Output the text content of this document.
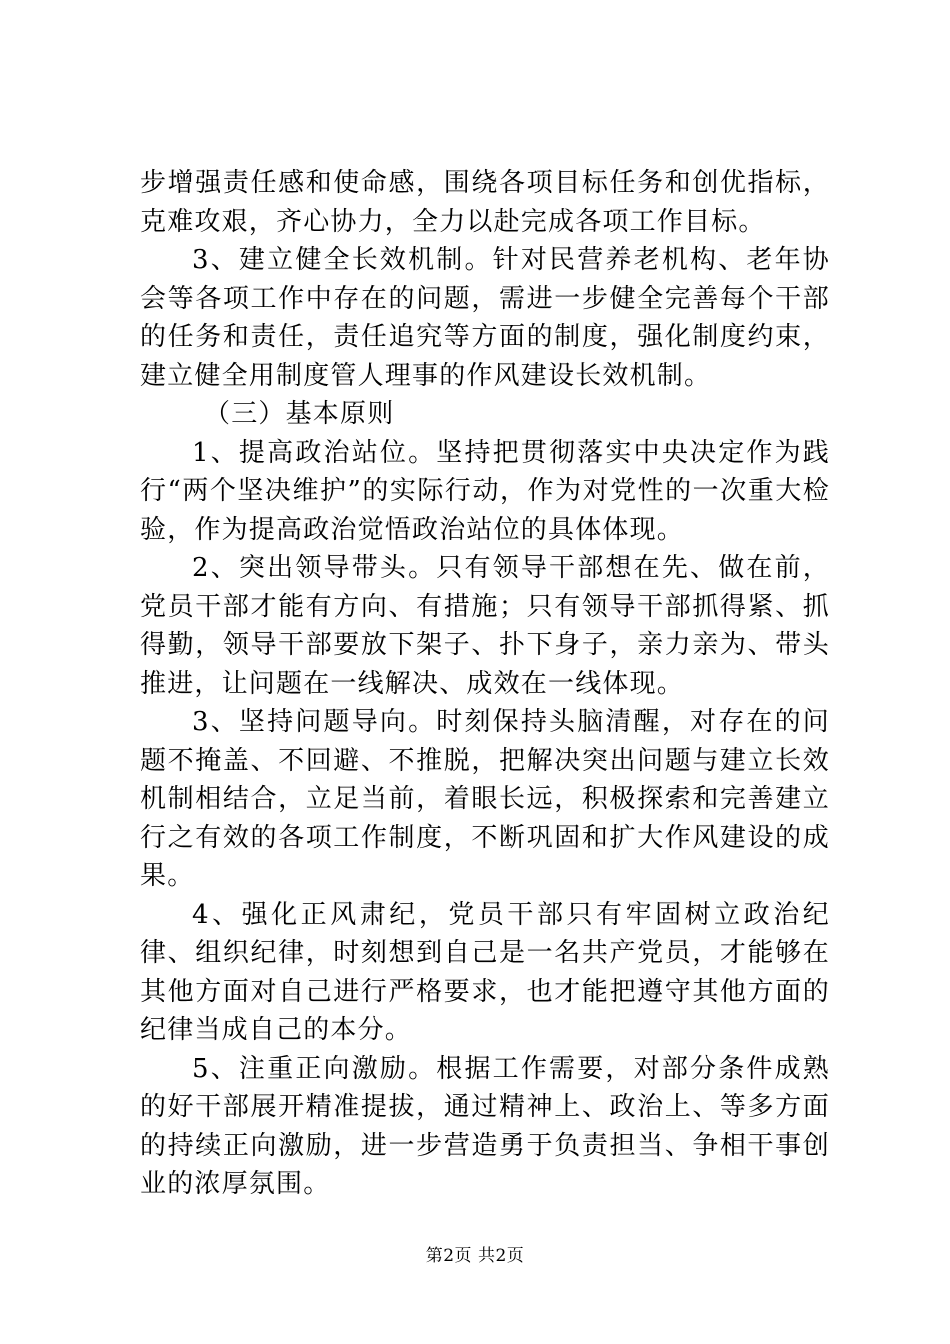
步增强责任感和使命感，围绕各项目标任务和创优指标，克难攻艰，齐心协力，全力以赴完成各项工作目标。

3、建立健全长效机制。针对民营养老机构、老年协会等各项工作中存在的问题，需进一步健全完善每个干部的任务和责任，责任追究等方面的制度，强化制度约束，建立健全用制度管人理事的作风建设长效机制。

（三）基本原则

1、提高政治站位。坚持把贯彻落实中央决定作为践行“两个坚决维护”的实际行动，作为对党性的一次重大检验，作为提高政治觉悟政治站位的具体体现。

2、突出领导带头。只有领导干部想在先、做在前，党员干部才能有方向、有措施；只有领导干部抓得紧、抓得勤，领导干部要放下架子、扑下身子，亲力亲为、带头推进，让问题在一线解决、成效在一线体现。

3、坚持问题导向。时刻保持头脑清醒，对存在的问题不掩盖、不回避、不推脱，把解决突出问题与建立长效机制相结合，立足当前，着眼长远，积极探索和完善建立行之有效的各项工作制度，不断巩固和扩大作风建设的成果。

4、强化正风肃纪，党员干部只有牢固树立政治纪律、组织纪律，时刻想到自己是一名共产党员，才能够在其他方面对自己进行严格要求，也才能把遵守其他方面的纪律当成自己的本分。

5、注重正向激励。根据工作需要，对部分条件成熟的好干部展开精准提拔，通过精神上、政治上、等多方面的持续正向激励，进一步营造勇于负责担当、争相干事创业的浓厚氛围。

第2页 共2页
